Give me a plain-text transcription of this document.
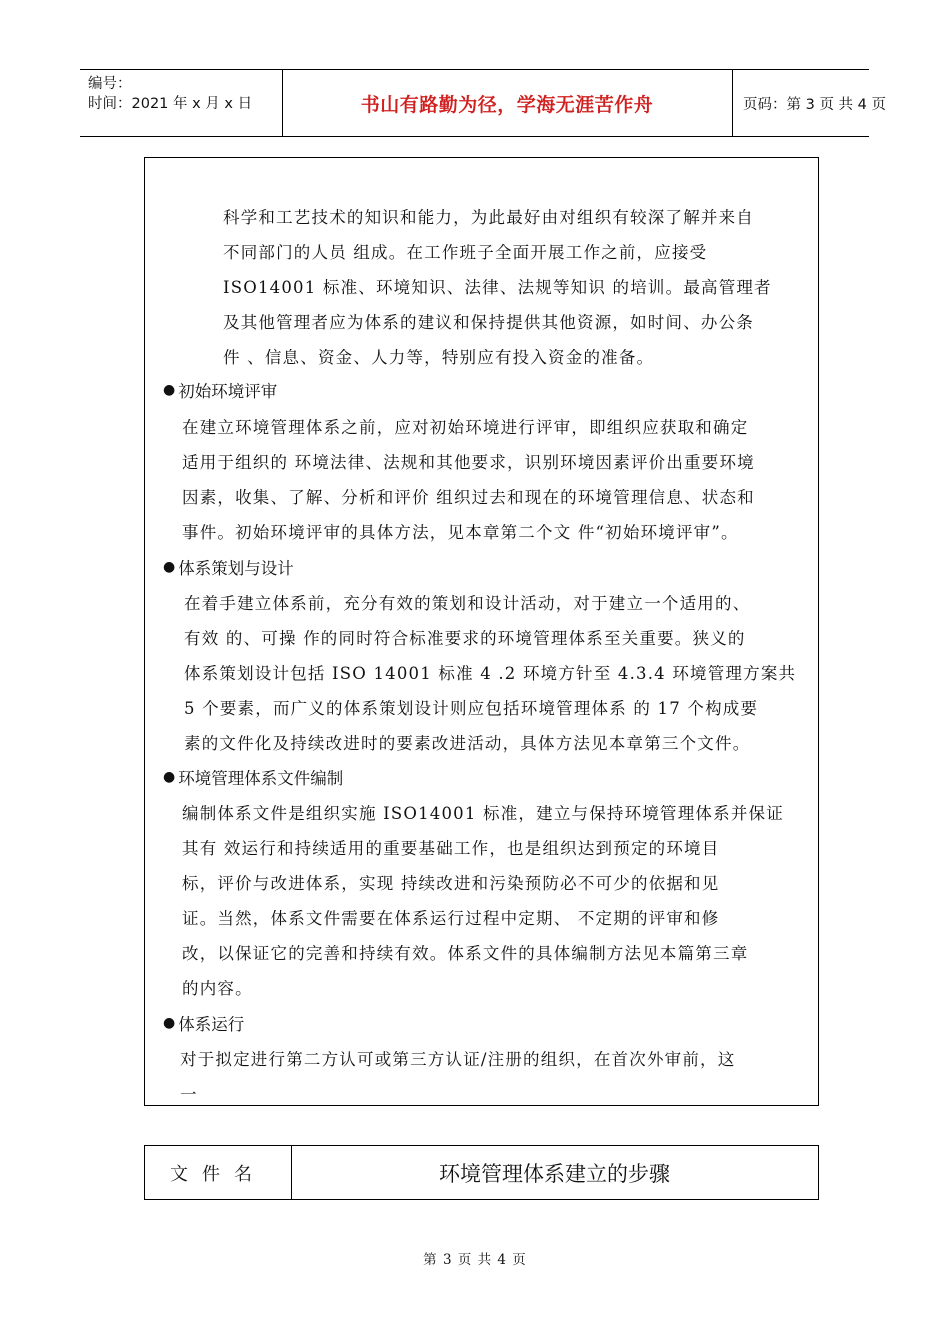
编号：
时间：2021 年 x 月 x 日	书山有路勤为径，学海无涯苦作舟	页码：第 3 页 共 4 页
科学和工艺技术的知识和能力，为此最好由对组织有较深了解并来自
不同部门的人员 组成。在工作班子全面开展工作之前，应接受
ISO14001 标准、环境知识、法律、法规等知识 的培训。最高管理者
及其他管理者应为体系的建议和保持提供其他资源，如时间、办公条
件 、信息、资金、人力等，特别应有投入资金的准备。
● 初始环境评审
在建立环境管理体系之前，应对初始环境进行评审，即组织应获取和确定
适用于组织的 环境法律、法规和其他要求，识别环境因素评价出重要环境
因素，收集、了解、分析和评价 组织过去和现在的环境管理信息、状态和
事件。初始环境评审的具体方法，见本章第二个文 件“初始环境评审”。
● 体系策划与设计
在着手建立体系前，充分有效的策划和设计活动，对于建立一个适用的、
有效 的、可操 作的同时符合标准要求的环境管理体系至关重要。狭义的
体系策划设计包括 ISO 14001 标准 4 .2 环境方针至 4.3.4 环境管理方案共
5 个要素，而广义的体系策划设计则应包括环境管理体系 的 17 个构成要
素的文件化及持续改进时的要素改进活动，具体方法见本章第三个文件。
● 环境管理体系文件编制
编制体系文件是组织实施 ISO14001 标准，建立与保持环境管理体系并保证
其有 效运行和持续适用的重要基础工作，也是组织达到预定的环境目
标，评价与改进体系，实现 持续改进和污染预防必不可少的依据和见
证。当然，体系文件需要在体系运行过程中定期、 不定期的评审和修
改，以保证它的完善和持续有效。体系文件的具体编制方法见本篇第三章
的内容。
● 体系运行
对于拟定进行第二方认可或第三方认证/注册的组织，在首次外审前，这
一
文件名	环境管理体系建立的步骤
第 3 页 共 4 页
